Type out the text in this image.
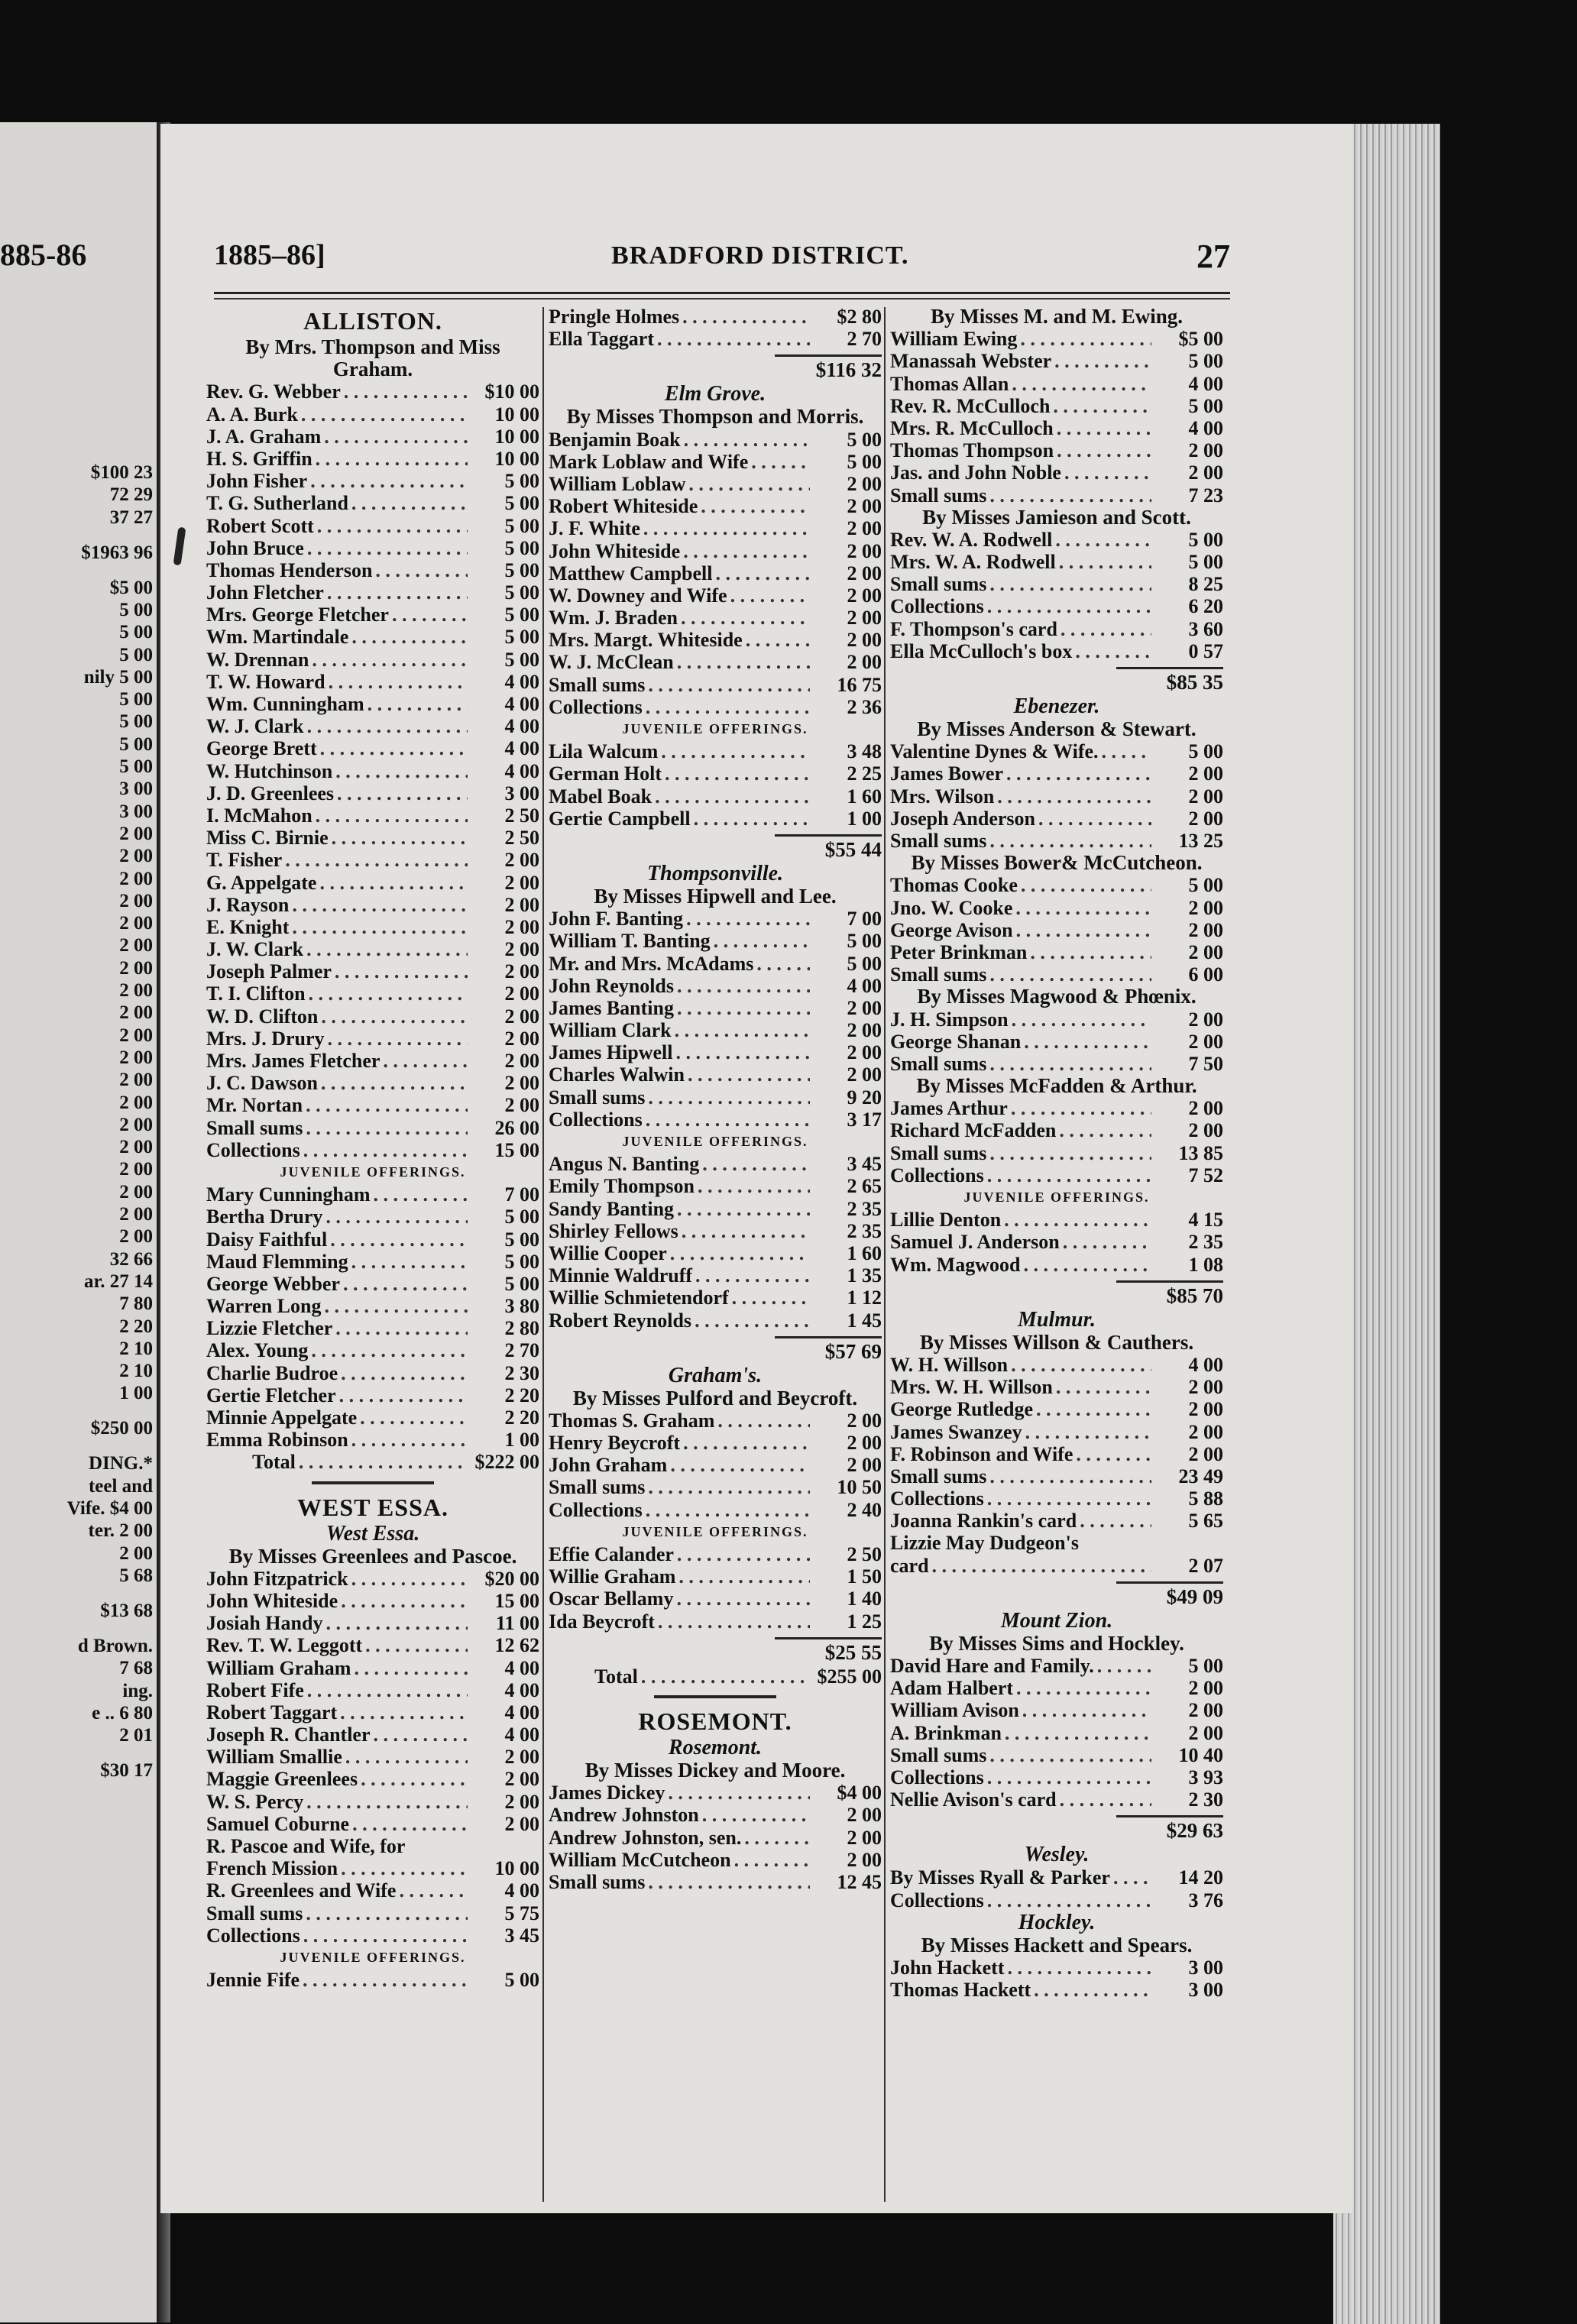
885-86
$100 23
72 29
37 27
$1963 96
$5 00
5 00
5 00
5 00
nily 5 00
5 00
5 00
5 00
5 00
3 00
3 00
2 00
2 00
2 00
2 00
2 00
2 00
2 00
2 00
2 00
2 00
2 00
2 00
2 00
2 00
2 00
2 00
2 00
2 00
2 00
32 66
ar. 27 14
7 80
2 20
2 10
2 10
1 00
$250 00
DING.*
teel and
Vife. $4 00
ter. 2 00
2 00
5 68
$13 68
d Brown.
7 68
ing.
e .. 6 80
2 01
$30 17
1885–86]	BRADFORD DISTRICT.	27
ALLISTON.
By Mrs. Thompson and Miss Graham.
Rev. G. Webber . . .	$10 00
A. A. Burk . . .	10 00
J. A. Graham . . .	10 00
H. S. Griffin . . .	10 00
John Fisher . . .	5 00
T. G. Sutherland . . .	5 00
Robert Scott . . .	5 00
John Bruce . . .	5 00
Thomas Henderson . . .	5 00
John Fletcher . . .	5 00
Mrs. George Fletcher . . .	5 00
Wm. Martindale . . .	5 00
W. Drennan . . .	5 00
T. W. Howard . . .	4 00
Wm. Cunningham . . .	4 00
W. J. Clark . . .	4 00
George Brett . . .	4 00
W. Hutchinson . . .	4 00
J. D. Greenlees . . .	3 00
I. McMahon . . .	2 50
Miss C. Birnie . . .	2 50
T. Fisher . . .	2 00
G. Appelgate . . .	2 00
J. Rayson . . .	2 00
E. Knight . . .	2 00
J. W. Clark . . .	2 00
Joseph Palmer . . .	2 00
T. I. Clifton . . .	2 00
W. D. Clifton . . .	2 00
Mrs. J. Drury . . .	2 00
Mrs. James Fletcher . . .	2 00
J. C. Dawson . . .	2 00
Mr. Nortan . . .	2 00
Small sums . . .	26 00
Collections . . .	15 00
JUVENILE OFFERINGS.
Mary Cunningham . . .	7 00
Bertha Drury . . .	5 00
Daisy Faithful . . .	5 00
Maud Flemming . . .	5 00
George Webber . . .	5 00
Warren Long . . .	3 80
Lizzie Fletcher . . .	2 80
Alex. Young . . .	2 70
Charlie Budroe . . .	2 30
Gertie Fletcher . . .	2 20
Minnie Appelgate . . .	2 20
Emma Robinson . . .	1 00
Total . . .	$222 00
WEST ESSA.
West Essa.
By Misses Greenlees and Pascoe.
John Fitzpatrick . . .	$20 00
John Whiteside . . .	15 00
Josiah Handy . . .	11 00
Rev. T. W. Leggott . . .	12 62
William Graham . . .	4 00
Robert Fife . . .	4 00
Robert Taggart . . .	4 00
Joseph R. Chantler . . .	4 00
William Smallie . . .	2 00
Maggie Greenlees . . .	2 00
W. S. Percy . . .	2 00
Samuel Coburne . . .	2 00
R. Pascoe and Wife, for
French Mission . . .	10 00
R. Greenlees and Wife . . .	4 00
Small sums . . .	5 75
Collections . . .	3 45
JUVENILE OFFERINGS.
Jennie Fife . . .	5 00
Pringle Holmes . . .	$2 80
Ella Taggart . . .	2 70
$116 32
Elm Grove.
By Misses Thompson and Morris.
Benjamin Boak . . .	5 00
Mark Loblaw and Wife . . .	5 00
William Loblaw . . .	2 00
Robert Whiteside . . .	2 00
J. F. White . . .	2 00
John Whiteside . . .	2 00
Matthew Campbell . . .	2 00
W. Downey and Wife . . .	2 00
Wm. J. Braden . . .	2 00
Mrs. Margt. Whiteside . . .	2 00
W. J. McClean . . .	2 00
Small sums . . .	16 75
Collections . . .	2 36
JUVENILE OFFERINGS.
Lila Walcum . . .	3 48
German Holt . . .	2 25
Mabel Boak . . .	1 60
Gertie Campbell . . .	1 00
$55 44
Thompsonville.
By Misses Hipwell and Lee.
John F. Banting . . .	7 00
William T. Banting . . .	5 00
Mr. and Mrs. McAdams . . .	5 00
John Reynolds . . .	4 00
James Banting . . .	2 00
William Clark . . .	2 00
James Hipwell . . .	2 00
Charles Walwin . . .	2 00
Small sums . . .	9 20
Collections . . .	3 17
JUVENILE OFFERINGS.
Angus N. Banting . . .	3 45
Emily Thompson . . .	2 65
Sandy Banting . . .	2 35
Shirley Fellows . . .	2 35
Willie Cooper . . .	1 60
Minnie Waldruff . . .	1 35
Willie Schmietendorf . . .	1 12
Robert Reynolds . . .	1 45
$57 69
Graham's.
By Misses Pulford and Beycroft.
Thomas S. Graham . . .	2 00
Henry Beycroft . . .	2 00
John Graham . . .	2 00
Small sums . . .	10 50
Collections . . .	2 40
JUVENILE OFFERINGS.
Effie Calander . . .	2 50
Willie Graham . . .	1 50
Oscar Bellamy . . .	1 40
Ida Beycroft . . .	1 25
$25 55
Total . . .	$255 00
ROSEMONT.
Rosemont.
By Misses Dickey and Moore.
James Dickey . . .	$4 00
Andrew Johnston . . .	2 00
Andrew Johnston, sen. . . .	2 00
William McCutcheon . . .	2 00
Small sums . . .	12 45
By Misses M. and M. Ewing.
William Ewing . . .	$5 00
Manassah Webster . . .	5 00
Thomas Allan . . .	4 00
Rev. R. McCulloch . . .	5 00
Mrs. R. McCulloch . . .	4 00
Thomas Thompson . . .	2 00
Jas. and John Noble . . .	2 00
Small sums . . .	7 23
By Misses Jamieson and Scott.
Rev. W. A. Rodwell . . .	5 00
Mrs. W. A. Rodwell . . .	5 00
Small sums . . .	8 25
Collections . . .	6 20
F. Thompson's card . . .	3 60
Ella McCulloch's box . . .	0 57
$85 35
Ebenezer.
By Misses Anderson & Stewart.
Valentine Dynes & Wife. . . .	5 00
James Bower . . .	2 00
Mrs. Wilson . . .	2 00
Joseph Anderson . . .	2 00
Small sums . . .	13 25
By Misses Bower& McCutcheon.
Thomas Cooke . . .	5 00
Jno. W. Cooke . . .	2 00
George Avison . . .	2 00
Peter Brinkman . . .	2 00
Small sums . . .	6 00
By Misses Magwood & Phœnix.
J. H. Simpson . . .	2 00
George Shanan . . .	2 00
Small sums . . .	7 50
By Misses McFadden & Arthur.
James Arthur . . .	2 00
Richard McFadden . . .	2 00
Small sums . . .	13 85
Collections . . .	7 52
JUVENILE OFFERINGS.
Lillie Denton . . .	4 15
Samuel J. Anderson . . .	2 35
Wm. Magwood . . .	1 08
$85 70
Mulmur.
By Misses Willson & Cauthers.
W. H. Willson . . .	4 00
Mrs. W. H. Willson . . .	2 00
George Rutledge . . .	2 00
James Swanzey . . .	2 00
F. Robinson and Wife . . .	2 00
Small sums . . .	23 49
Collections . . .	5 88
Joanna Rankin's card . . .	5 65
Lizzie May Dudgeon's
card . . .	2 07
$49 09
Mount Zion.
By Misses Sims and Hockley.
David Hare and Family. . . .	5 00
Adam Halbert . . .	2 00
William Avison . . .	2 00
A. Brinkman . . .	2 00
Small sums . . .	10 40
Collections . . .	3 93
Nellie Avison's card . . .	2 30
$29 63
Wesley.
By Misses Ryall & Parker . . .	14 20
Collections . . .	3 76
Hockley.
By Misses Hackett and Spears.
John Hackett . . .	3 00
Thomas Hackett . . .	3 00
